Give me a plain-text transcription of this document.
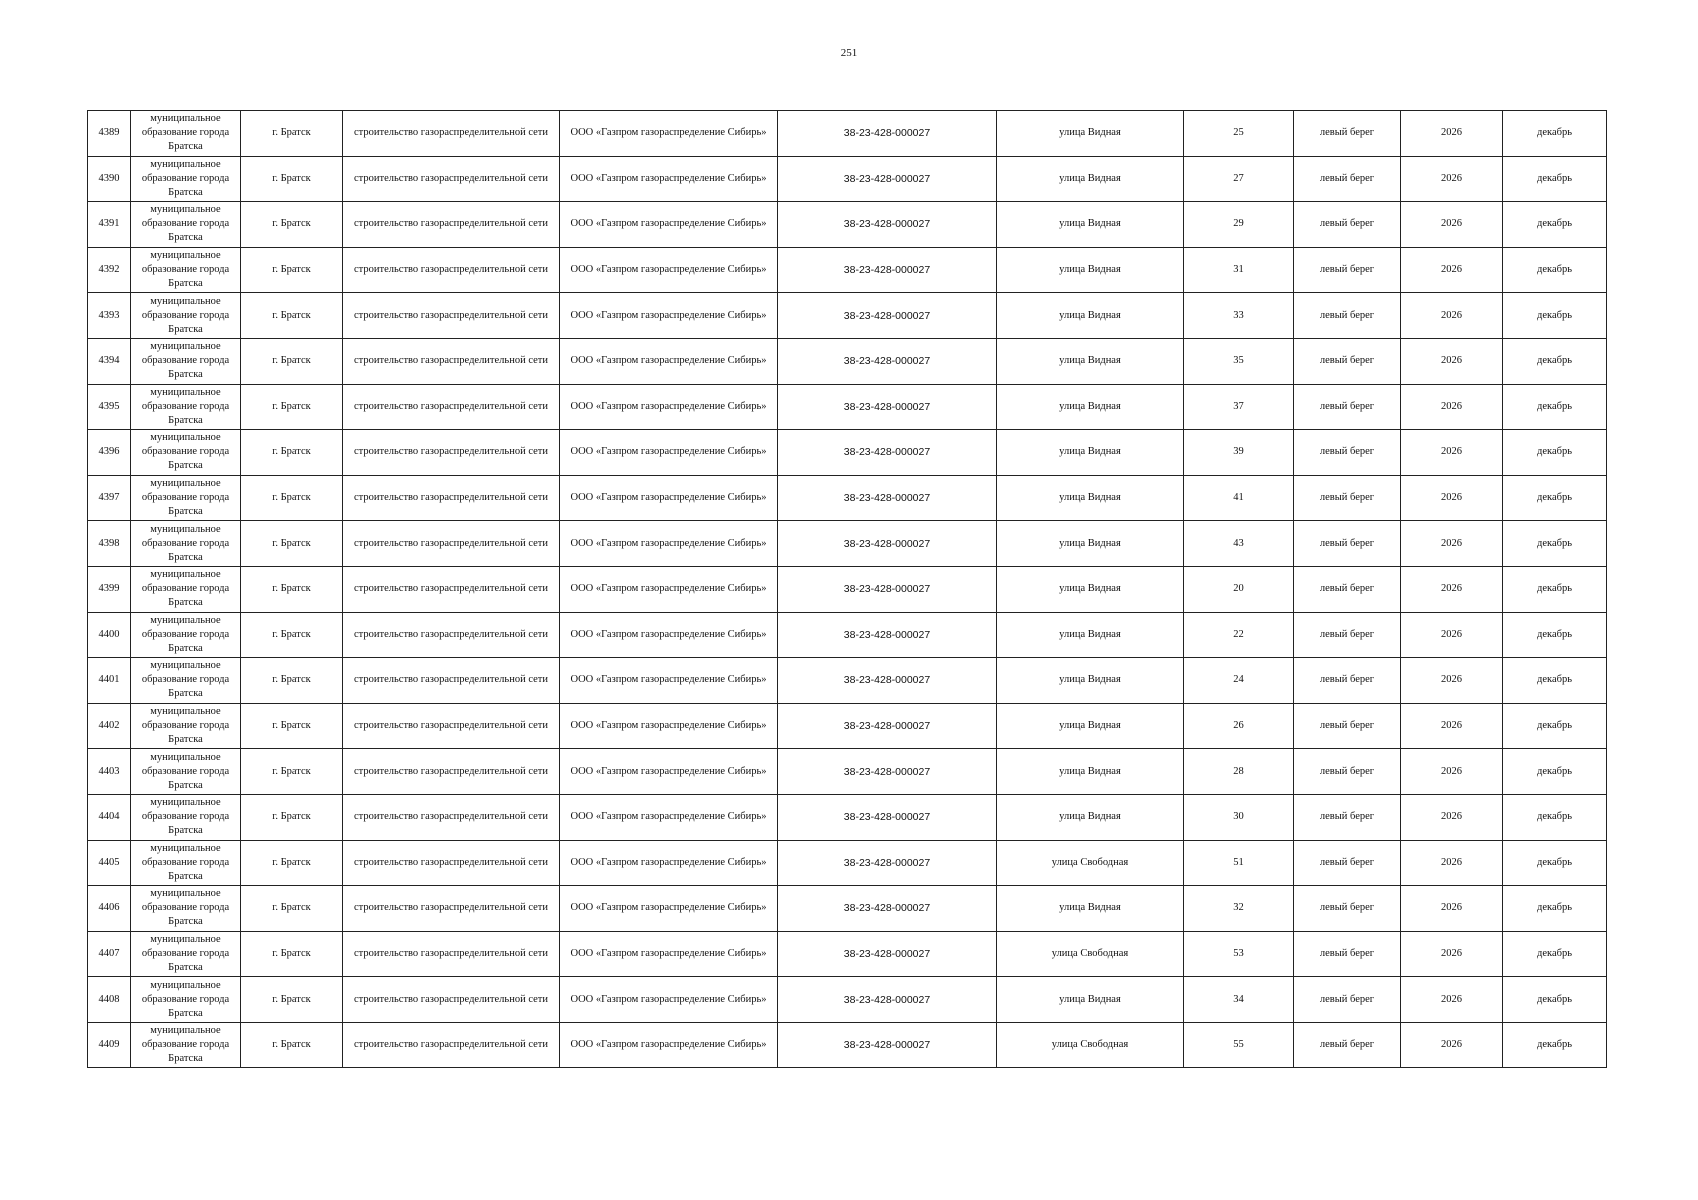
251
4389	муниципальное образование города Братска	г. Братск	строительство газораспределительной сети	ООО «Газпром газораспределение Сибирь»	38-23-428-000027	улица Видная	25	левый берег	2026	декабрь
4390	муниципальное образование города Братска	г. Братск	строительство газораспределительной сети	ООО «Газпром газораспределение Сибирь»	38-23-428-000027	улица Видная	27	левый берег	2026	декабрь
4391	муниципальное образование города Братска	г. Братск	строительство газораспределительной сети	ООО «Газпром газораспределение Сибирь»	38-23-428-000027	улица Видная	29	левый берег	2026	декабрь
4392	муниципальное образование города Братска	г. Братск	строительство газораспределительной сети	ООО «Газпром газораспределение Сибирь»	38-23-428-000027	улица Видная	31	левый берег	2026	декабрь
4393	муниципальное образование города Братска	г. Братск	строительство газораспределительной сети	ООО «Газпром газораспределение Сибирь»	38-23-428-000027	улица Видная	33	левый берег	2026	декабрь
4394	муниципальное образование города Братска	г. Братск	строительство газораспределительной сети	ООО «Газпром газораспределение Сибирь»	38-23-428-000027	улица Видная	35	левый берег	2026	декабрь
4395	муниципальное образование города Братска	г. Братск	строительство газораспределительной сети	ООО «Газпром газораспределение Сибирь»	38-23-428-000027	улица Видная	37	левый берег	2026	декабрь
4396	муниципальное образование города Братска	г. Братск	строительство газораспределительной сети	ООО «Газпром газораспределение Сибирь»	38-23-428-000027	улица Видная	39	левый берег	2026	декабрь
4397	муниципальное образование города Братска	г. Братск	строительство газораспределительной сети	ООО «Газпром газораспределение Сибирь»	38-23-428-000027	улица Видная	41	левый берег	2026	декабрь
4398	муниципальное образование города Братска	г. Братск	строительство газораспределительной сети	ООО «Газпром газораспределение Сибирь»	38-23-428-000027	улица Видная	43	левый берег	2026	декабрь
4399	муниципальное образование города Братска	г. Братск	строительство газораспределительной сети	ООО «Газпром газораспределение Сибирь»	38-23-428-000027	улица Видная	20	левый берег	2026	декабрь
4400	муниципальное образование города Братска	г. Братск	строительство газораспределительной сети	ООО «Газпром газораспределение Сибирь»	38-23-428-000027	улица Видная	22	левый берег	2026	декабрь
4401	муниципальное образование города Братска	г. Братск	строительство газораспределительной сети	ООО «Газпром газораспределение Сибирь»	38-23-428-000027	улица Видная	24	левый берег	2026	декабрь
4402	муниципальное образование города Братска	г. Братск	строительство газораспределительной сети	ООО «Газпром газораспределение Сибирь»	38-23-428-000027	улица Видная	26	левый берег	2026	декабрь
4403	муниципальное образование города Братска	г. Братск	строительство газораспределительной сети	ООО «Газпром газораспределение Сибирь»	38-23-428-000027	улица Видная	28	левый берег	2026	декабрь
4404	муниципальное образование города Братска	г. Братск	строительство газораспределительной сети	ООО «Газпром газораспределение Сибирь»	38-23-428-000027	улица Видная	30	левый берег	2026	декабрь
4405	муниципальное образование города Братска	г. Братск	строительство газораспределительной сети	ООО «Газпром газораспределение Сибирь»	38-23-428-000027	улица Свободная	51	левый берег	2026	декабрь
4406	муниципальное образование города Братска	г. Братск	строительство газораспределительной сети	ООО «Газпром газораспределение Сибирь»	38-23-428-000027	улица Видная	32	левый берег	2026	декабрь
4407	муниципальное образование города Братска	г. Братск	строительство газораспределительной сети	ООО «Газпром газораспределение Сибирь»	38-23-428-000027	улица Свободная	53	левый берег	2026	декабрь
4408	муниципальное образование города Братска	г. Братск	строительство газораспределительной сети	ООО «Газпром газораспределение Сибирь»	38-23-428-000027	улица Видная	34	левый берег	2026	декабрь
4409	муниципальное образование города Братска	г. Братск	строительство газораспределительной сети	ООО «Газпром газораспределение Сибирь»	38-23-428-000027	улица Свободная	55	левый берег	2026	декабрь
